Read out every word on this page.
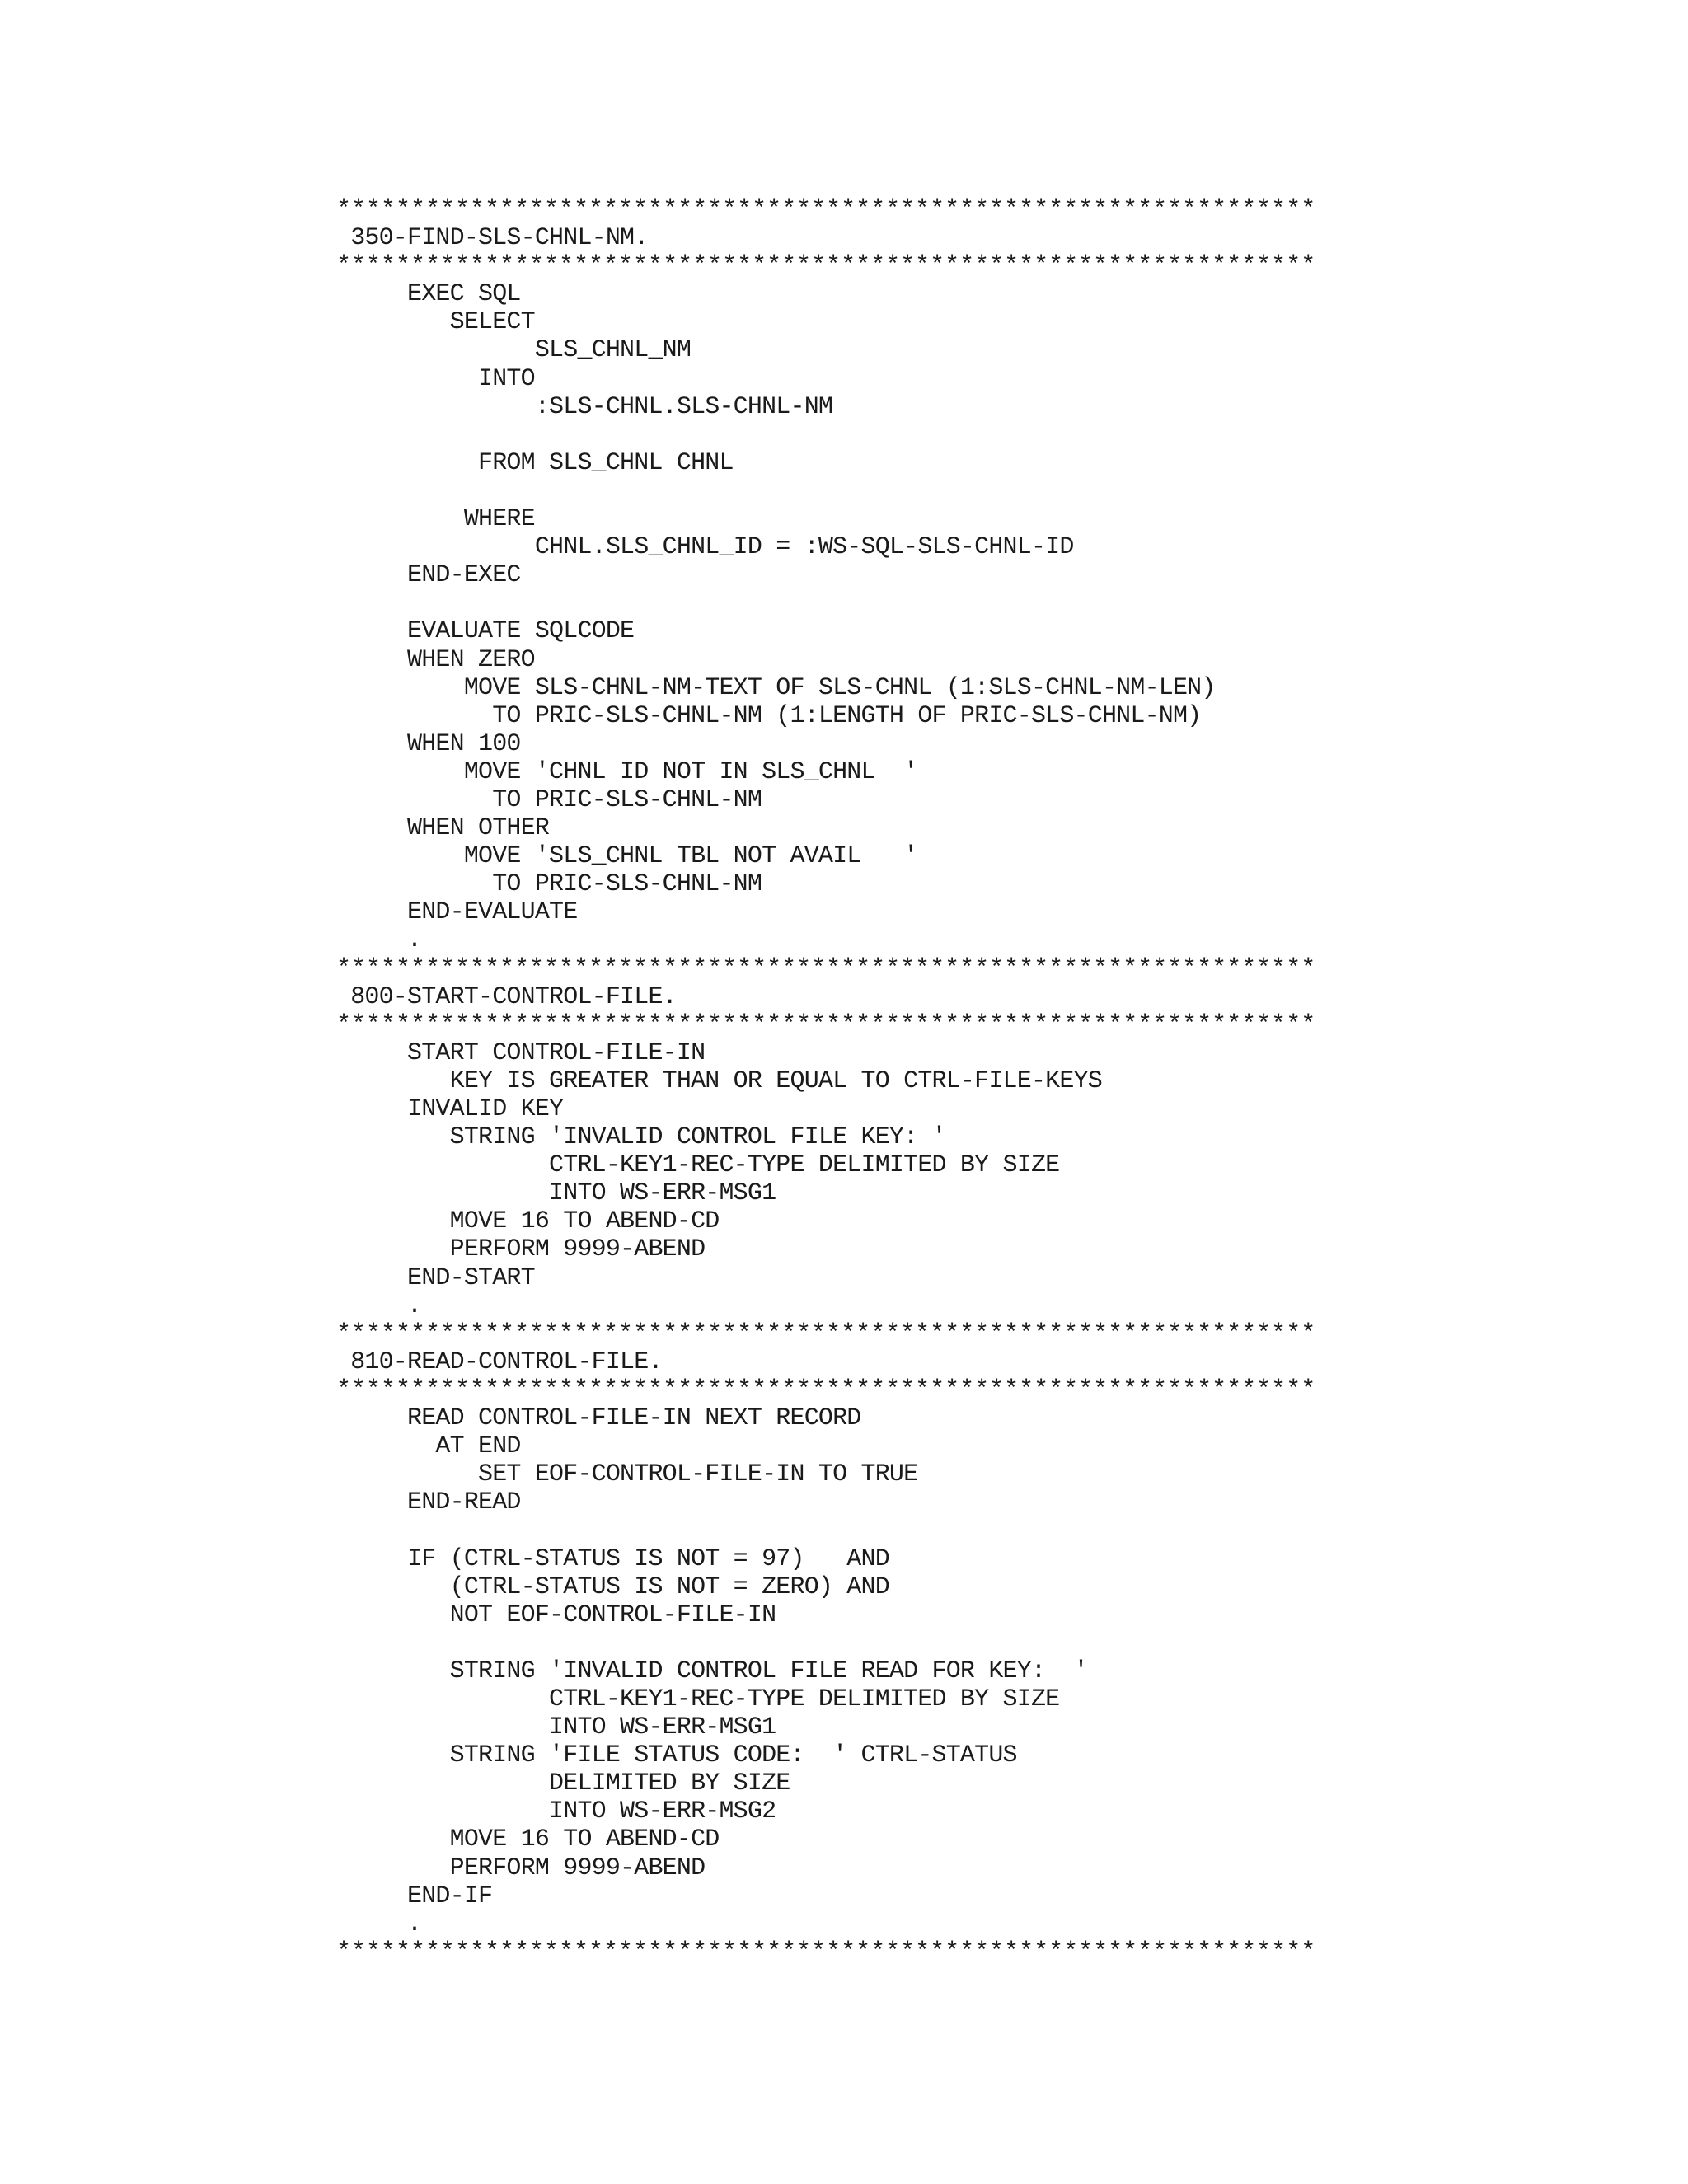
******************************************************************
350-FIND-SLS-CHNL-NM.
******************************************************************
EXEC SQL
SELECT
SLS_CHNL_NM
INTO
:SLS-CHNL.SLS-CHNL-NM
FROM SLS_CHNL CHNL
WHERE
CHNL.SLS_CHNL_ID = :WS-SQL-SLS-CHNL-ID
END-EXEC
EVALUATE SQLCODE
WHEN ZERO
MOVE SLS-CHNL-NM-TEXT OF SLS-CHNL (1:SLS-CHNL-NM-LEN)
TO PRIC-SLS-CHNL-NM (1:LENGTH OF PRIC-SLS-CHNL-NM)
WHEN 100
MOVE 'CHNL ID NOT IN SLS_CHNL  '
TO PRIC-SLS-CHNL-NM
WHEN OTHER
MOVE 'SLS_CHNL TBL NOT AVAIL   '
TO PRIC-SLS-CHNL-NM
END-EVALUATE
.
******************************************************************
800-START-CONTROL-FILE.
******************************************************************
START CONTROL-FILE-IN
KEY IS GREATER THAN OR EQUAL TO CTRL-FILE-KEYS
INVALID KEY
STRING 'INVALID CONTROL FILE KEY: '
CTRL-KEY1-REC-TYPE DELIMITED BY SIZE
INTO WS-ERR-MSG1
MOVE 16 TO ABEND-CD
PERFORM 9999-ABEND
END-START
.
******************************************************************
810-READ-CONTROL-FILE.
******************************************************************
READ CONTROL-FILE-IN NEXT RECORD
AT END
SET EOF-CONTROL-FILE-IN TO TRUE
END-READ
IF (CTRL-STATUS IS NOT = 97)   AND
(CTRL-STATUS IS NOT = ZERO) AND
NOT EOF-CONTROL-FILE-IN
STRING 'INVALID CONTROL FILE READ FOR KEY:  '
CTRL-KEY1-REC-TYPE DELIMITED BY SIZE
INTO WS-ERR-MSG1
STRING 'FILE STATUS CODE:  ' CTRL-STATUS
DELIMITED BY SIZE
INTO WS-ERR-MSG2
MOVE 16 TO ABEND-CD
PERFORM 9999-ABEND
END-IF
.
******************************************************************
